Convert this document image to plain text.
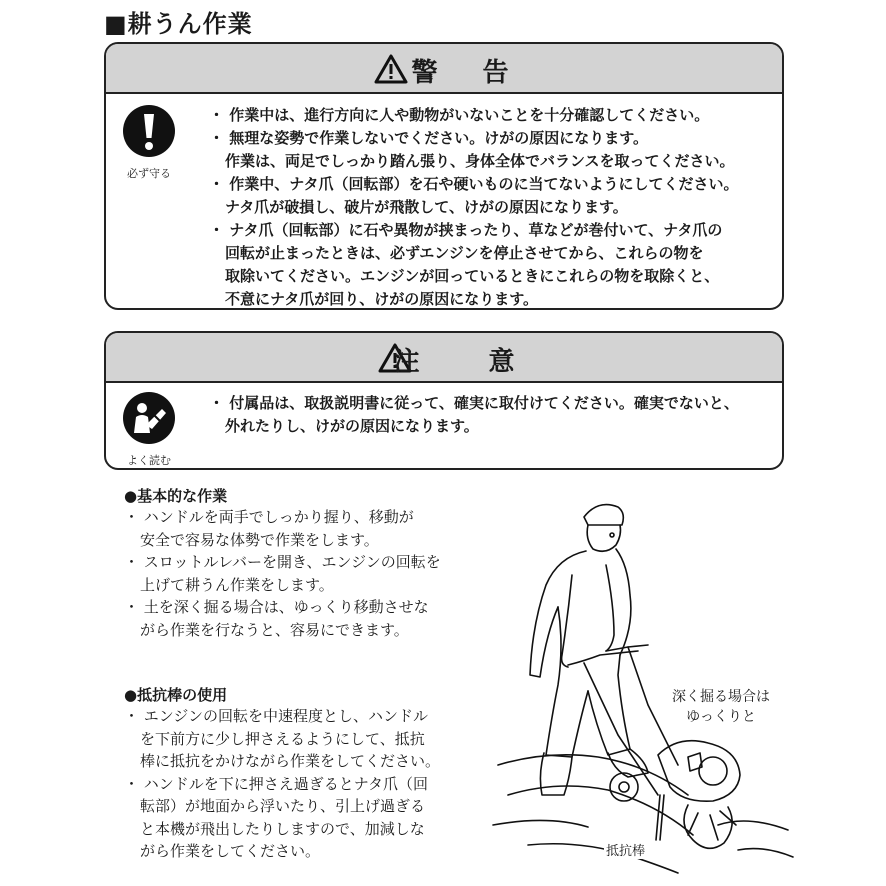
■耕うん作業
警 告
必ず守る
・ 作業中は、進行方向に人や動物がいないことを十分確認してください。
・ 無理な姿勢で作業しないでください。けがの原因になります。
作業は、両足でしっかり踏ん張り、身体全体でバランスを取ってください。
・ 作業中、ナタ爪（回転部）を石や硬いものに当てないようにしてください。
ナタ爪が破損し、破片が飛散して、けがの原因になります。
・ ナタ爪（回転部）に石や異物が挟まったり、草などが巻付いて、ナタ爪の
回転が止まったときは、必ずエンジンを停止させてから、これらの物を
取除いてください。エンジンが回っているときにこれらの物を取除くと、
不意にナタ爪が回り、けがの原因になります。
注 意
よく読む
・ 付属品は、取扱説明書に従って、確実に取付けてください。確実でないと、
外れたりし、けがの原因になります。
●基本的な作業
・ ハンドルを両手でしっかり握り、移動が
安全で容易な体勢で作業をします。
・ スロットルレバーを開き、エンジンの回転を
上げて耕うん作業をします。
・ 土を深く掘る場合は、ゆっくり移動させな
がら作業を行なうと、容易にできます。
●抵抗棒の使用
・ エンジンの回転を中速程度とし、ハンドル
を下前方に少し押さえるようにして、抵抗
棒に抵抗をかけながら作業をしてください。
・ ハンドルを下に押さえ過ぎるとナタ爪（回
転部）が地面から浮いたり、引上げ過ぎる
と本機が飛出したりしますので、加減しな
がら作業をしてください。
深く掘る場合は
ゆっくりと
抵抗棒
